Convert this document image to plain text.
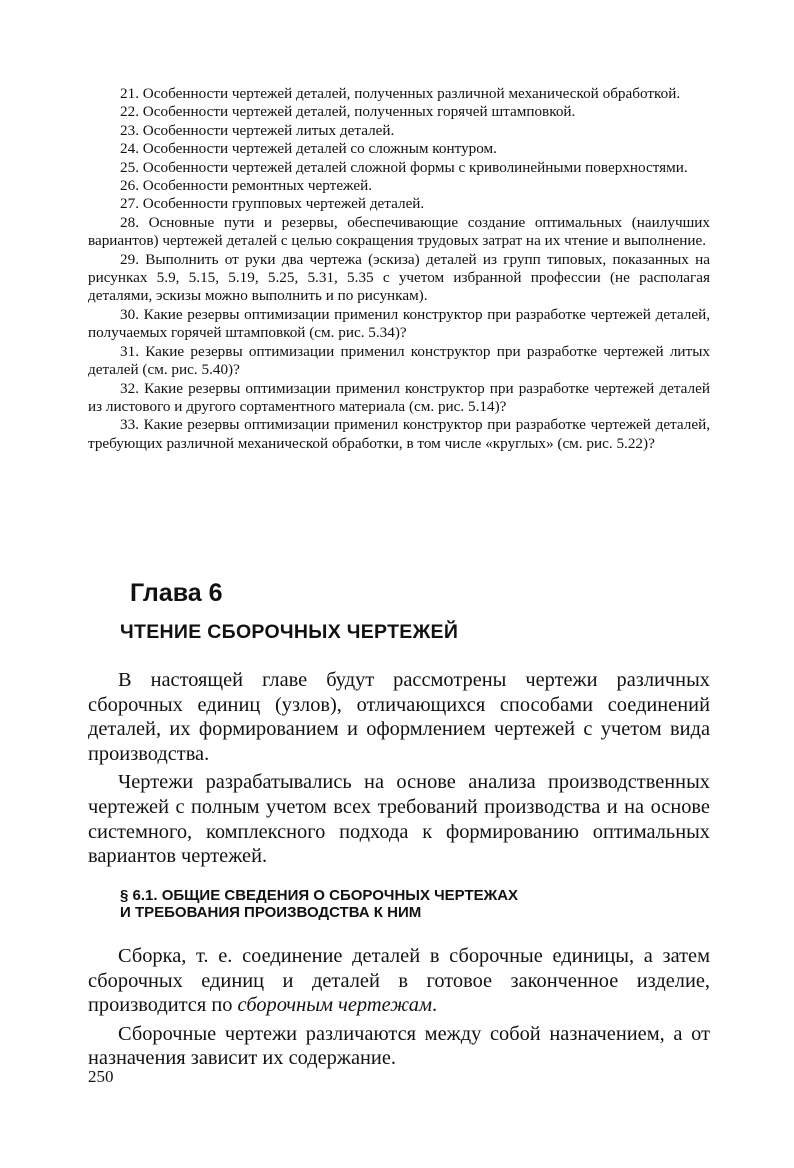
21. Особенности чертежей деталей, полученных различной механической обработкой.

22. Особенности чертежей деталей, полученных горячей штамповкой.

23. Особенности чертежей литых деталей.

24. Особенности чертежей деталей со сложным контуром.

25. Особенности чертежей деталей сложной формы с криволинейными поверхностями.

26. Особенности ремонтных чертежей.

27. Особенности групповых чертежей деталей.

28. Основные пути и резервы, обеспечивающие создание оптимальных (наилучших вариантов) чертежей деталей с целью сокращения трудовых затрат на их чтение и выполнение.

29. Выполнить от руки два чертежа (эскиза) деталей из групп типовых, показанных на рисунках 5.9, 5.15, 5.19, 5.25, 5.31, 5.35 с учетом избранной профессии (не располагая деталями, эскизы можно выполнить и по рисункам).

30. Какие резервы оптимизации применил конструктор при разработке чертежей деталей, получаемых горячей штамповкой (см. рис. 5.34)?

31. Какие резервы оптимизации применил конструктор при разработке чертежей литых деталей (см. рис. 5.40)?

32. Какие резервы оптимизации применил конструктор при разработке чертежей деталей из листового и другого сортаментного материала (см. рис. 5.14)?

33. Какие резервы оптимизации применил конструктор при разработке чертежей деталей, требующих различной механической обработки, в том числе «круглых» (см. рис. 5.22)?

Глава 6
ЧТЕНИЕ СБОРОЧНЫХ ЧЕРТЕЖЕЙ

В настоящей главе будут рассмотрены чертежи различных сборочных единиц (узлов), отличающихся способами соединений деталей, их формированием и оформлением чертежей с учетом вида производства.

Чертежи разрабатывались на основе анализа производственных чертежей с полным учетом всех требований производства и на основе системного, комплексного подхода к формированию оптимальных вариантов чертежей.

§ 6.1. ОБЩИЕ СВЕДЕНИЯ О СБОРОЧНЫХ ЧЕРТЕЖАХ
И ТРЕБОВАНИЯ ПРОИЗВОДСТВА К НИМ

Сборка, т. е. соединение деталей в сборочные единицы, а затем сборочных единиц и деталей в готовое законченное изделие, производится по сборочным чертежам.

Сборочные чертежи различаются между собой назначением, а от назначения зависит их содержание.

250
